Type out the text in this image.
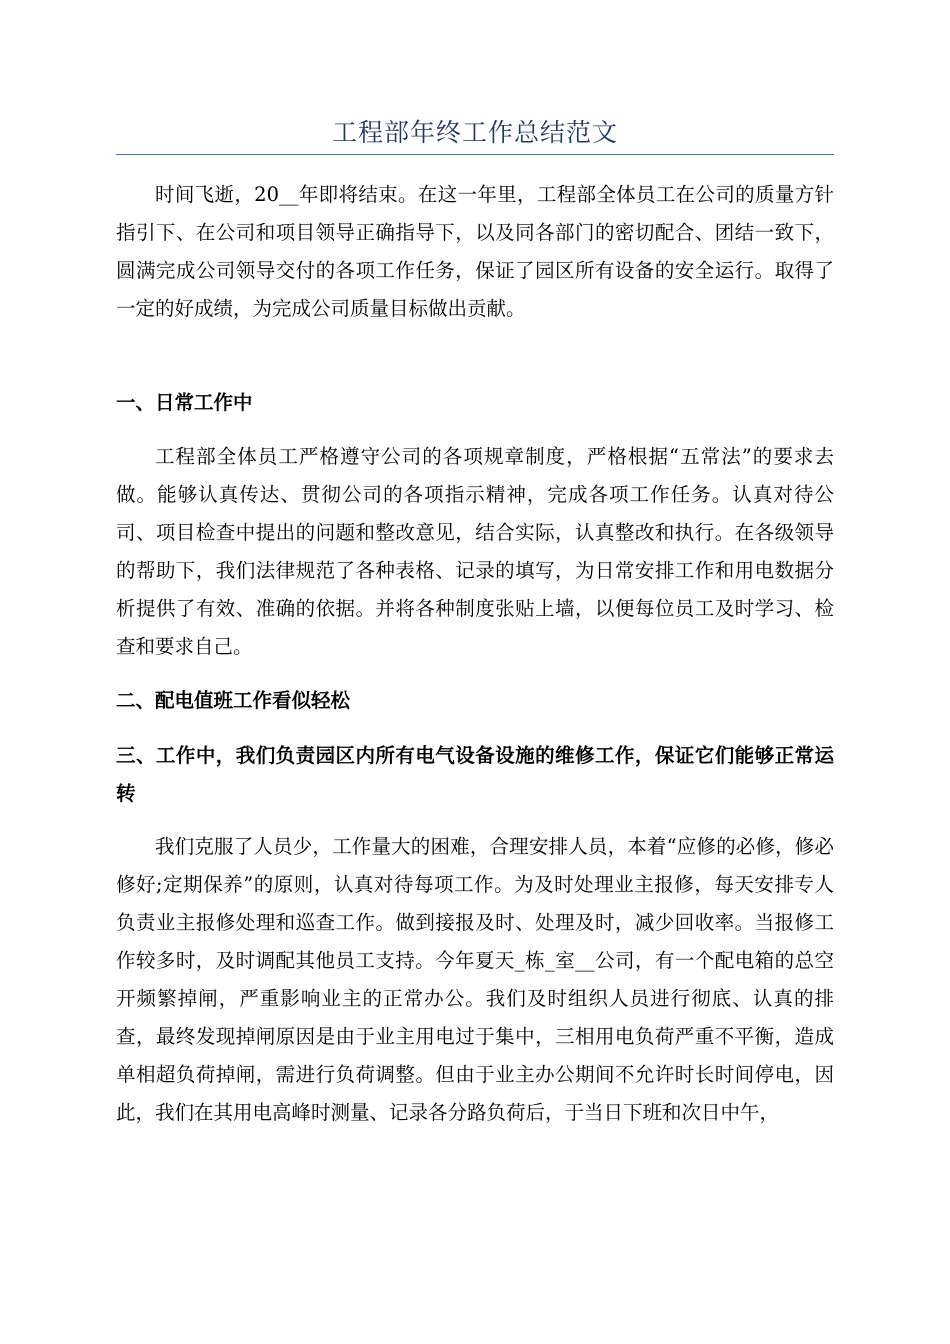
工程部年终工作总结范文

时间飞逝，20__年即将结束。在这一年里，工程部全体员工在公司的质量方针指引下、在公司和项目领导正确指导下，以及同各部门的密切配合、团结一致下，圆满完成公司领导交付的各项工作任务，保证了园区所有设备的安全运行。取得了一定的好成绩，为完成公司质量目标做出贡献。

一、日常工作中

工程部全体员工严格遵守公司的各项规章制度，严格根据“五常法”的要求去做。能够认真传达、贯彻公司的各项指示精神，完成各项工作任务。认真对待公司、项目检查中提出的问题和整改意见，结合实际，认真整改和执行。在各级领导的帮助下，我们法律规范了各种表格、记录的填写，为日常安排工作和用电数据分析提供了有效、准确的依据。并将各种制度张贴上墙，以便每位员工及时学习、检查和要求自己。

二、配电值班工作看似轻松

三、工作中，我们负责园区内所有电气设备设施的维修工作，保证它们能够正常运转

我们克服了人员少，工作量大的困难，合理安排人员，本着“应修的必修，修必修好;定期保养”的原则，认真对待每项工作。为及时处理业主报修，每天安排专人负责业主报修处理和巡查工作。做到接报及时、处理及时，减少回收率。当报修工作较多时，及时调配其他员工支持。今年夏天_栋_室__公司，有一个配电箱的总空开频繁掉闸，严重影响业主的正常办公。我们及时组织人员进行彻底、认真的排查，最终发现掉闸原因是由于业主用电过于集中，三相用电负荷严重不平衡，造成单相超负荷掉闸，需进行负荷调整。但由于业主办公期间不允许时长时间停电，因此，我们在其用电高峰时测量、记录各分路负荷后，于当日下班和次日中午，
